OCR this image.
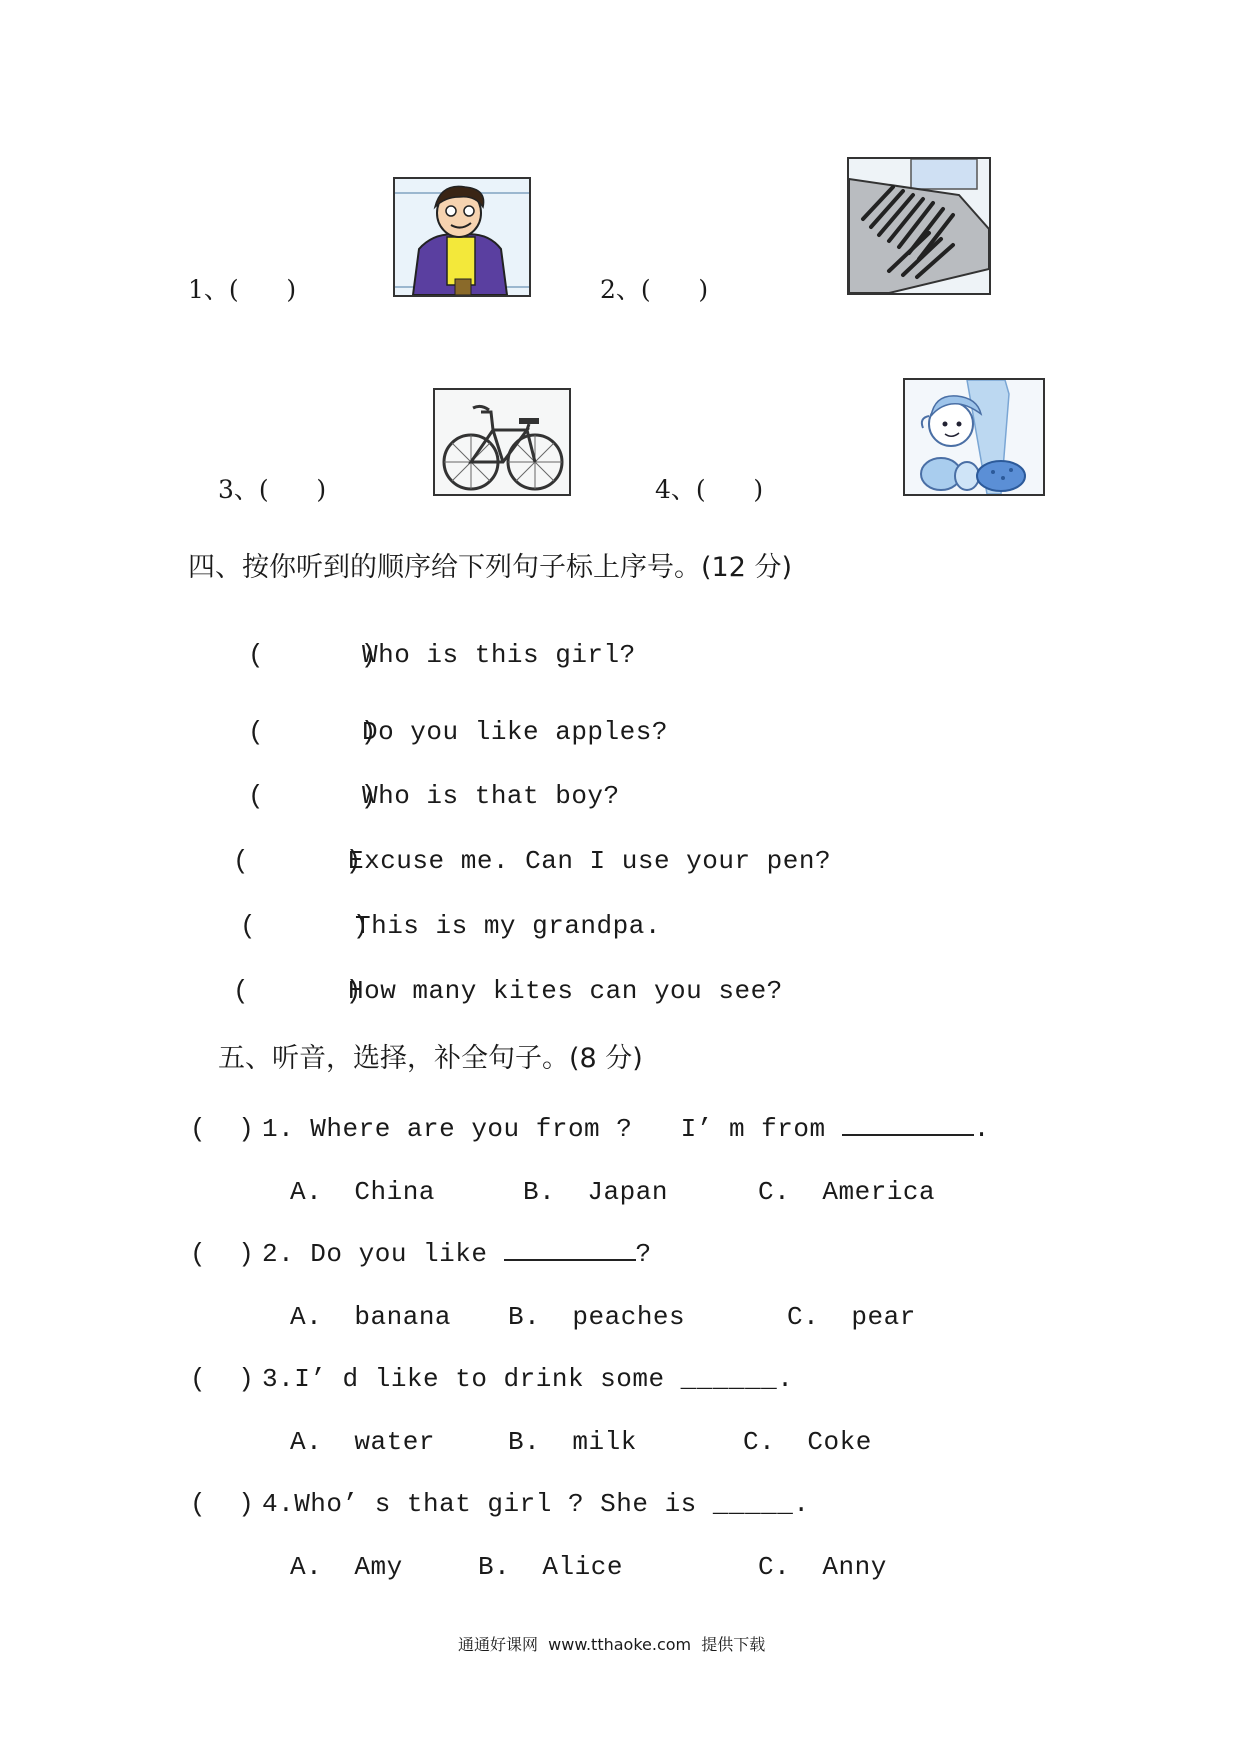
1、(      )	2、(      )
3、(      )	4、(      )
四、按你听到的顺序给下列句子标上序号。(12 分)
(      )
Who is this girl?
(      )
Do you like apples?
(      )
Who is that boy?
(      )
Excuse me. Can I use your pen?
(      )
This is my grandpa.
(      )
How many kites can you see?
五、听音，选择，补全句子。(8 分)
(  ) 1. Where are you from ?   I’ m from	.
A.  China	B.  Japan	C.  America
(  ) 2. Do you like	?
A.  banana B.  peaches	C.  pear
(  ) 3.I’ d like to drink some ______.
A.  water	B.  milk	C.  Coke
(  ) 4.Who’ s that girl ? She is _____.
A.  Amy	B.  Alice	C.  Anny
通通好课网  www.tthaoke.com  提供下载
